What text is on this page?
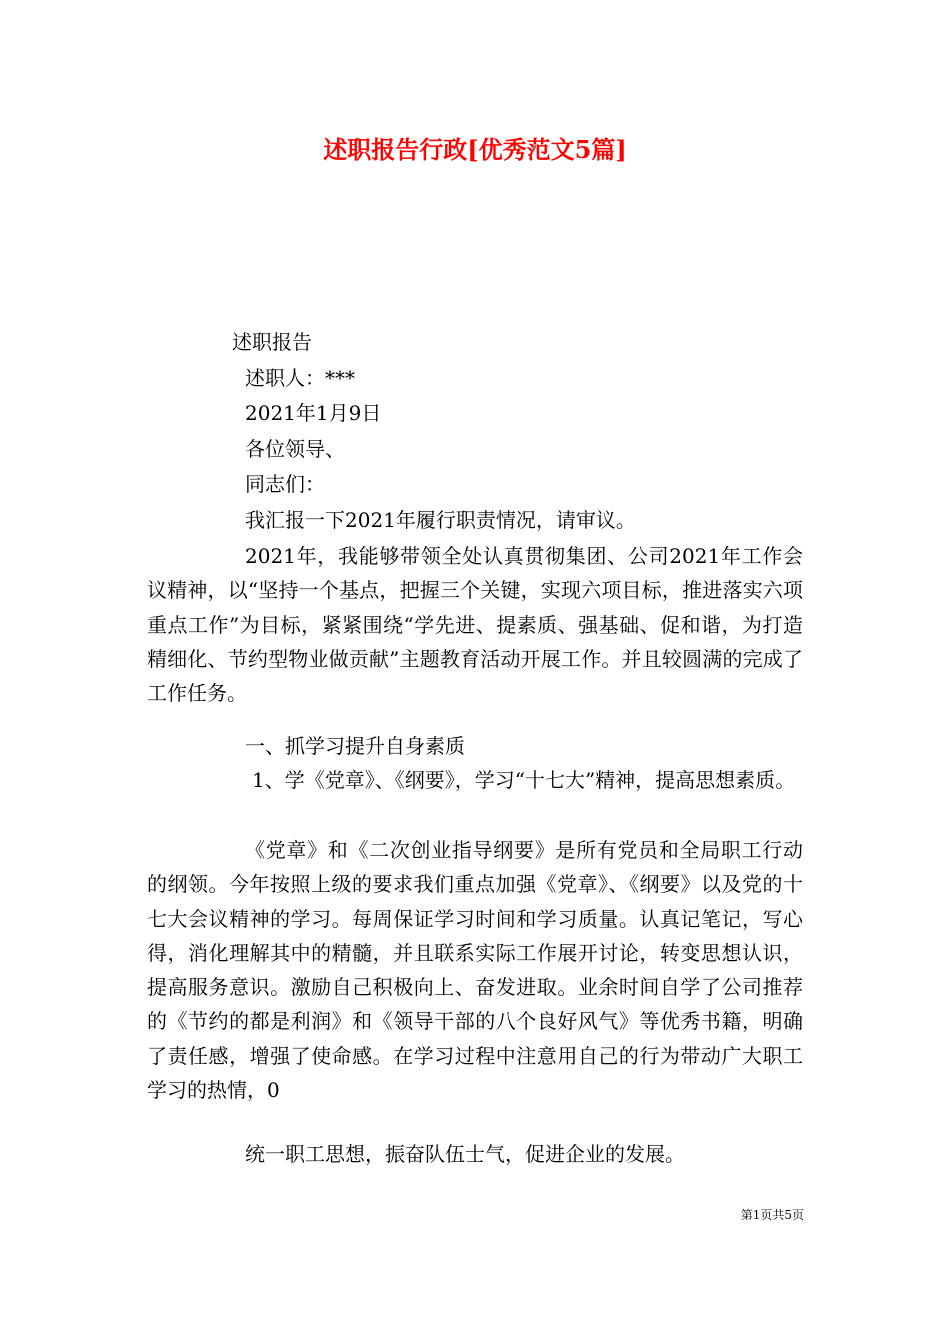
述职报告行政[优秀范文5篇]

述职报告

述职人：***

2021年1月9日

各位领导、

同志们：

我汇报一下2021年履行职责情况，请审议。

2021年，我能够带领全处认真贯彻集团、公司2021年工作会议精神，以“坚持一个基点，把握三个关键，实现六项目标，推进落实六项重点工作”为目标，紧紧围绕“学先进、提素质、强基础、促和谐，为打造精细化、节约型物业做贡献”主题教育活动开展工作。并且较圆满的完成了工作任务。

一、抓学习提升自身素质

1、学《党章》、《纲要》，学习“十七大”精神，提高思想素质。

《党章》和《二次创业指导纲要》是所有党员和全局职工行动的纲领。今年按照上级的要求我们重点加强《党章》、《纲要》以及党的十七大会议精神的学习。每周保证学习时间和学习质量。认真记笔记，写心得，消化理解其中的精髓，并且联系实际工作展开讨论，转变思想认识，提高服务意识。激励自己积极向上、奋发进取。业余时间自学了公司推荐的《节约的都是利润》和《领导干部的八个良好风气》等优秀书籍，明确了责任感，增强了使命感。在学习过程中注意用自己的行为带动广大职工学习的热情，0

统一职工思想，振奋队伍士气，促进企业的发展。

第1页共5页
